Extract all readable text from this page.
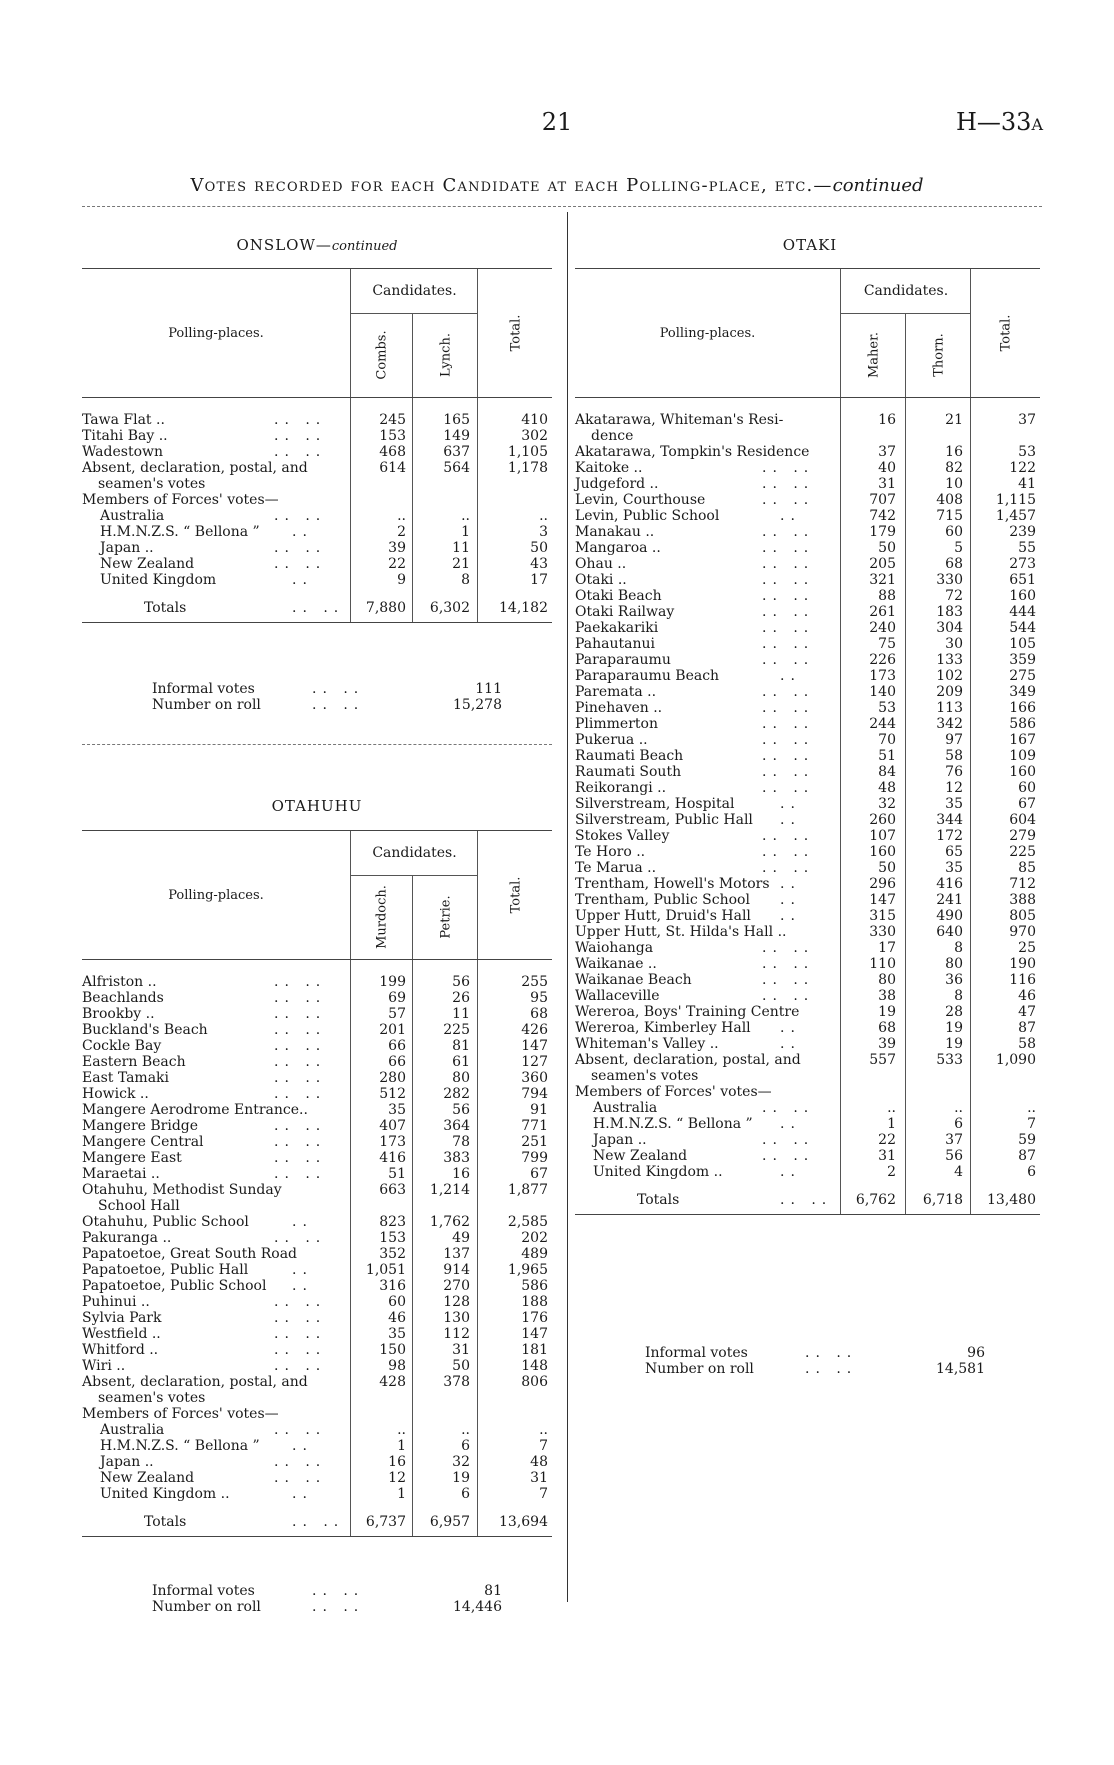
21	H—33A
Votes recorded for each Candidate at each Polling-place, etc.—continued
ONSLOW—continued	OTAKI
OTAHUHU
Polling-places.
Candidates.
Combs.	Lynch.
Total.
Tawa Flat ..	.. ..	245	165	410
Titahi Bay ..	.. ..	153	149	302
Wadestown	.. ..	468	637	1,105
Absent, declaration, postal, and	614	564	1,178
seamen's votes
Members of Forces' votes—
Australia	.. ..	..	..	..
H.M.N.Z.S. “ Bellona ” ..	2	1	3
Japan ..	.. ..	39	11	50
New Zealand	.. ..	22	21	43
United Kingdom	..	9	8	17
Totals	.. ..	7,880	6,302	14,182
Informal votes	.. ..	111
Number on roll	.. ..	15,278
Polling-places.
Candidates.
Murdoch.	Petrie.
Total.
Alfriston ..	.. ..	199	56	255
Beachlands	.. ..	69	26	95
Brookby ..	.. ..	57	11	68
Buckland's Beach	.. ..	201	225	426
Cockle Bay	.. ..	66	81	147
Eastern Beach	.. ..	66	61	127
East Tamaki	.. ..	280	80	360
Howick ..	.. ..	512	282	794
Mangere Aerodrome Entrance..	35	56	91
Mangere Bridge	.. ..	407	364	771
Mangere Central	.. ..	173	78	251
Mangere East	.. ..	416	383	799
Maraetai ..	.. ..	51	16	67
Otahuhu, Methodist Sunday	663	1,214	1,877
School Hall
Otahuhu, Public School	..	823	1,762	2,585
Pakuranga ..	.. ..	153	49	202
Papatoetoe, Great South Road	352	137	489
Papatoetoe, Public Hall	..	1,051	914	1,965
Papatoetoe, Public School ..	316	270	586
Puhinui ..	.. ..	60	128	188
Sylvia Park	.. ..	46	130	176
Westfield ..	.. ..	35	112	147
Whitford ..	.. ..	150	31	181
Wiri ..	.. ..	98	50	148
Absent, declaration, postal, and	428	378	806
seamen's votes
Members of Forces' votes—
Australia	.. ..	..	..	..
H.M.N.Z.S. “ Bellona ” ..	1	6	7
Japan ..	.. ..	16	32	48
New Zealand	.. ..	12	19	31
United Kingdom ..	..	1	6	7
Totals	.. ..	6,737	6,957	13,694
Informal votes	.. ..	81
Number on roll	.. ..	14,446
Polling-places.
Candidates.
Maher.	Thorn.
Total.
Akatarawa, Whiteman's Resi-	16	21	37
dence
Akatarawa, Tompkin's Residence	37	16	53
Kaitoke ..	.. ..	40	82	122
Judgeford ..	.. ..	31	10	41
Levin, Courthouse	.. ..	707	408	1,115
Levin, Public School	..	742	715	1,457
Manakau ..	.. ..	179	60	239
Mangaroa ..	.. ..	50	5	55
Ohau ..	.. ..	205	68	273
Otaki ..	.. ..	321	330	651
Otaki Beach	.. ..	88	72	160
Otaki Railway	.. ..	261	183	444
Paekakariki	.. ..	240	304	544
Pahautanui	.. ..	75	30	105
Paraparaumu	.. ..	226	133	359
Paraparaumu Beach	..	173	102	275
Paremata ..	.. ..	140	209	349
Pinehaven ..	.. ..	53	113	166
Plimmerton	.. ..	244	342	586
Pukerua ..	.. ..	70	97	167
Raumati Beach	.. ..	51	58	109
Raumati South	.. ..	84	76	160
Reikorangi ..	.. ..	48	12	60
Silverstream, Hospital	..	32	35	67
Silverstream, Public Hall ..	260	344	604
Stokes Valley	.. ..	107	172	279
Te Horo ..	.. ..	160	65	225
Te Marua ..	.. ..	50	35	85
Trentham, Howell's Motors ..	296	416	712
Trentham, Public School ..	147	241	388
Upper Hutt, Druid's Hall ..	315	490	805
Upper Hutt, St. Hilda's Hall ..	330	640	970
Waiohanga	.. ..	17	8	25
Waikanae ..	.. ..	110	80	190
Waikanae Beach	.. ..	80	36	116
Wallaceville	.. ..	38	8	46
Wereroa, Boys' Training Centre	19	28	47
Wereroa, Kimberley Hall ..	68	19	87
Whiteman's Valley ..	..	39	19	58
Absent, declaration, postal, and	557	533	1,090
seamen's votes
Members of Forces' votes—
Australia	.. ..	..	..	..
H.M.N.Z.S. “ Bellona ” ..	1	6	7
Japan ..	.. ..	22	37	59
New Zealand	.. ..	31	56	87
United Kingdom ..	..	2	4	6
Totals	.. ..	6,762	6,718	13,480
Informal votes	.. ..	96
Number on roll	.. ..	14,581
